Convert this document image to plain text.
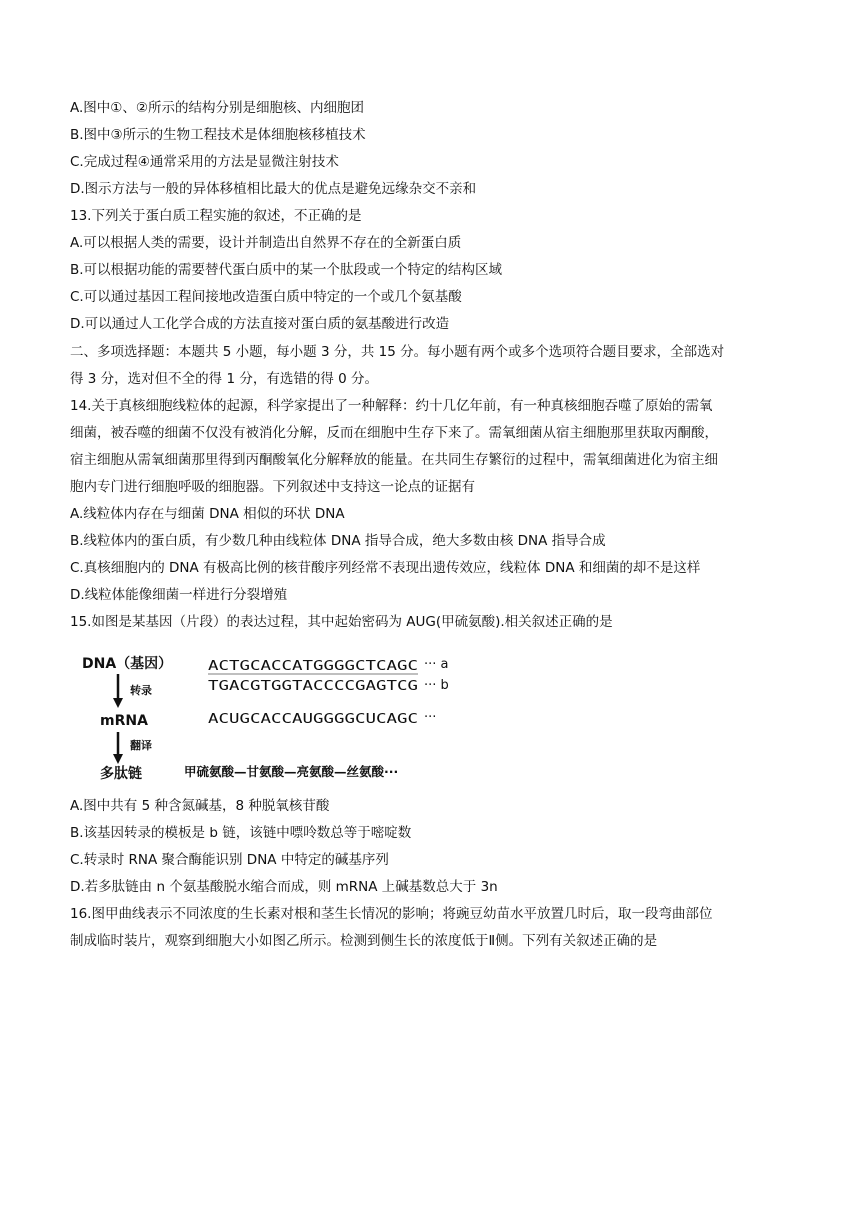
A.图中①、②所示的结构分别是细胞核、内细胞团
B.图中③所示的生物工程技术是体细胞核移植技术
C.完成过程④通常采用的方法是显微注射技术
D.图示方法与一般的异体移植相比最大的优点是避免远缘杂交不亲和
13.下列关于蛋白质工程实施的叙述，不正确的是
A.可以根据人类的需要，设计并制造出自然界不存在的全新蛋白质
B.可以根据功能的需要替代蛋白质中的某一个肽段或一个特定的结构区域
C.可以通过基因工程间接地改造蛋白质中特定的一个或几个氨基酸
D.可以通过人工化学合成的方法直接对蛋白质的氨基酸进行改造
二、多项选择题：本题共 5 小题，每小题 3 分，共 15 分。每小题有两个或多个选项符合题目要求，全部选对
得 3 分，选对但不全的得 1 分，有选错的得 0 分。
14.关于真核细胞线粒体的起源，科学家提出了一种解释：约十几亿年前，有一种真核细胞吞噬了原始的需氧
细菌，被吞噬的细菌不仅没有被消化分解，反而在细胞中生存下来了。需氧细菌从宿主细胞那里获取丙酮酸，
宿主细胞从需氧细菌那里得到丙酮酸氧化分解释放的能量。在共同生存繁衍的过程中，需氧细菌进化为宿主细
胞内专门进行细胞呼吸的细胞器。下列叙述中支持这一论点的证据有
A.线粒体内存在与细菌 DNA 相似的环状 DNA
B.线粒体内的蛋白质，有少数几种由线粒体 DNA 指导合成，绝大多数由核 DNA 指导合成
C.真核细胞内的 DNA 有极高比例的核苷酸序列经常不表现出遗传效应，线粒体 DNA 和细菌的却不是这样
D.线粒体能像细菌一样进行分裂增殖
15.如图是某基因（片段）的表达过程，其中起始密码为 AUG(甲硫氨酸).相关叙述正确的是
DNA（基因）
转录
mRNA
翻译
多肽链
ACTGCACCATGGGGCTCAGC ··· a
TGACGTGGTACCCCGAGTCG ··· b
ACUGCACCAUGGGGCUCAGC ···
甲硫氨酸—甘氨酸—亮氨酸—丝氨酸···
A.图中共有 5 种含氮碱基，8 种脱氧核苷酸
B.该基因转录的模板是 b 链，该链中嘌呤数总等于嘧啶数
C.转录时 RNA 聚合酶能识别 DNA 中特定的碱基序列
D.若多肽链由 n 个氨基酸脱水缩合而成，则 mRNA 上碱基数总大于 3n
16.图甲曲线表示不同浓度的生长素对根和茎生长情况的影响；将豌豆幼苗水平放置几时后，取一段弯曲部位
制成临时装片，观察到细胞大小如图乙所示。检测到侧生长的浓度低于Ⅱ侧。下列有关叙述正确的是
